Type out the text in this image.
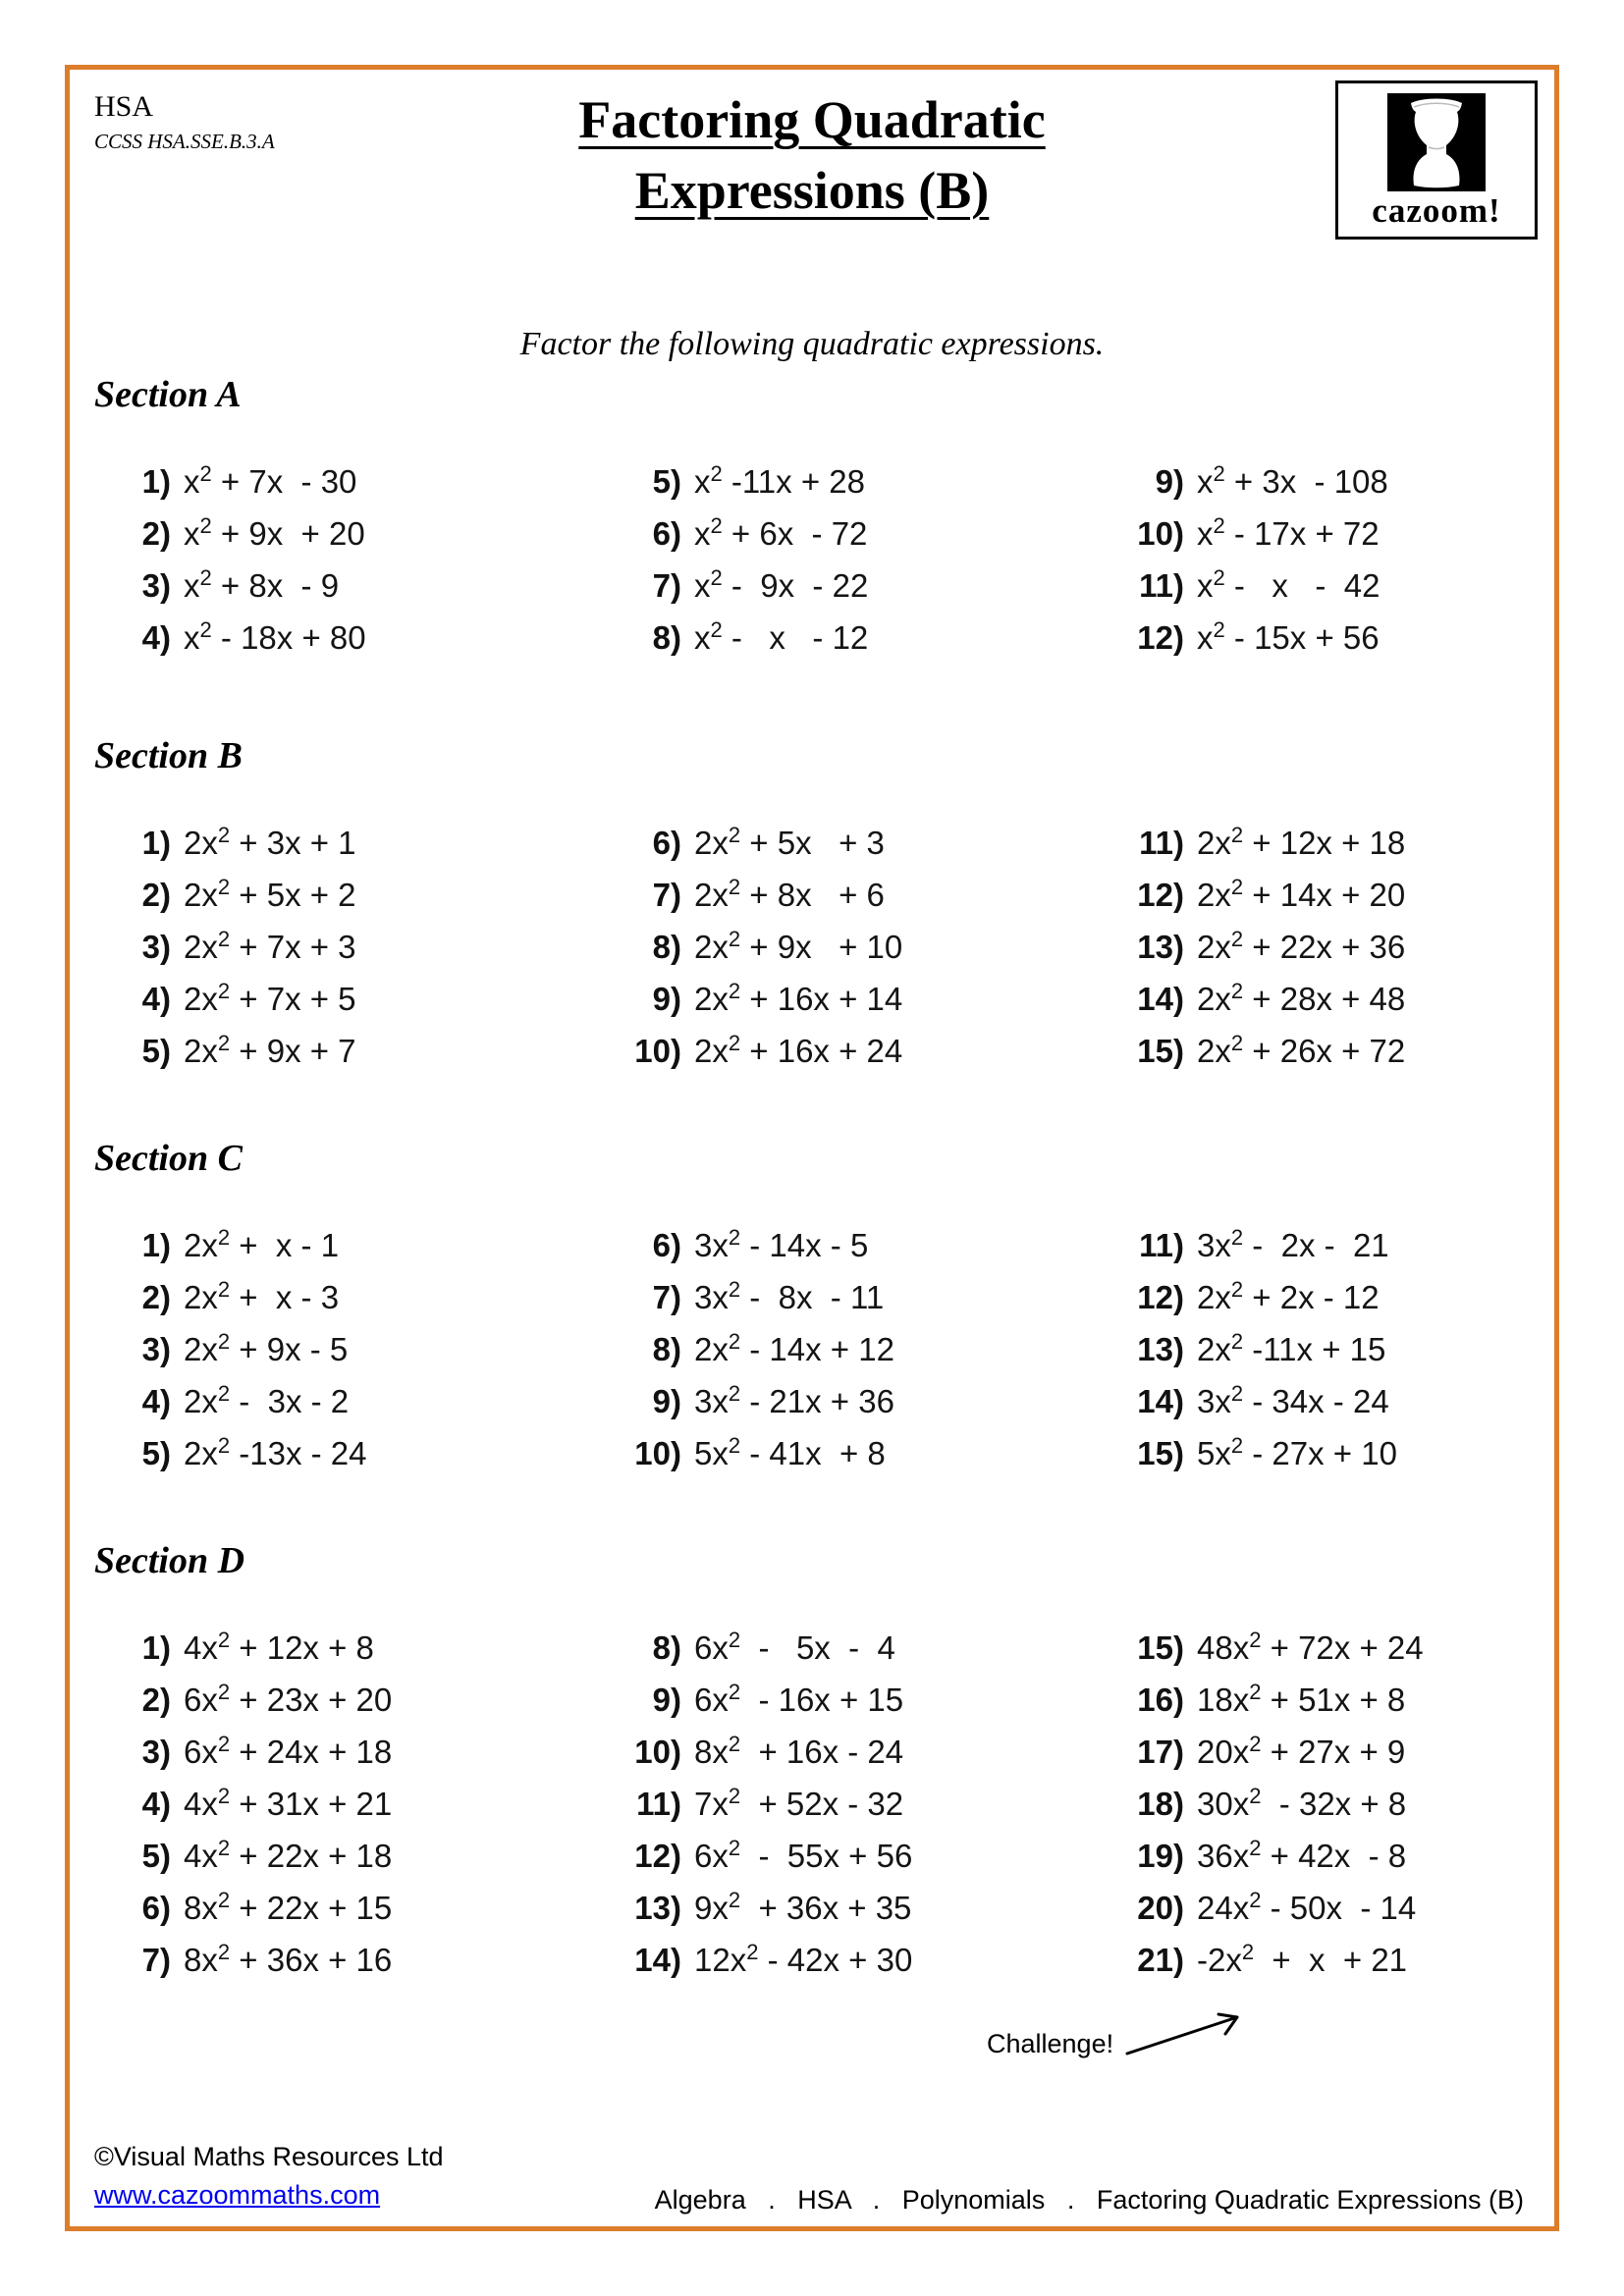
HSA
CCSS HSA.SSE.B.3.A	Factoring Quadratic
Expressions (B)	cazoom!
Factor the following quadratic expressions.
Section A
1) $x^2 + 7x - 30$
2) $x^2 + 9x + 20$
3) $x^2 + 8x - 9$
4) $x^2 - 18x + 80$
5) $x^2$ -11x + 28
6) $x^2 + 6x - 72$
7) $x^2 - 9x - 22$
8) $x^2$ -   x   - 12
9) $x^2 + 3x - 108$
10) $x^2 - 17x + 72$
11) $x^2$ -   x   -  42
12) $x^2 - 15x + 56$
Section B
1) $2x^2 + 3x + 1$
2) $2x^2 + 5x + 2$
3) $2x^2 + 7x + 3$
4) $2x^2 + 7x + 5$
5) $2x^2 + 9x + 7$
6) $2x^2 + 5x + 3$
7) $2x^2 + 8x + 6$
8) $2x^2 + 9x + 10$
9) $2x^2 + 16x + 14$
10) $2x^2 + 16x + 24$
11) $2x^2 + 12x + 18$
12) $2x^2 + 14x + 20$
13) $2x^2 + 22x + 36$
14) $2x^2 + 28x + 48$
15) $2x^2 + 26x + 72$
Section C
1) $2x^2 + x - 1$
2) $2x^2 + x - 3$
3) $2x^2 + 9x - 5$
4) $2x^2 - 3x - 2$
5) $2x^2$ -13x - 24
6) $3x^2 - 14x - 5$
7) $3x^2 - 8x - 11$
8) $2x^2 - 14x + 12$
9) $3x^2 - 21x + 36$
10) $5x^2 - 41x + 8$
11) $3x^2 - 2x - 21$
12) $2x^2 + 2x - 12$
13) $2x^2$ -11x + 15
14) $3x^2 - 34x - 24$
15) $5x^2 - 27x + 10$
Section D
1) $4x^2 + 12x + 8$
2) $6x^2 + 23x + 20$
3) $6x^2 + 24x + 18$
4) $4x^2 + 31x + 21$
5) $4x^2 + 22x + 18$
6) $8x^2 + 22x + 15$
7) $8x^2 + 36x + 16$
8) $6x^2 - 5x - 4$
9) $6x^2 - 16x + 15$
10) $8x^2 + 16x - 24$
11) $7x^2 + 52x - 32$
12) $6x^2 - 55x + 56$
13) $9x^2 + 36x + 35$
14) $12x^2 - 42x + 30$
15) $48x^2 + 72x + 24$
16) $18x^2 + 51x + 8$
17) $20x^2 + 27x + 9$
18) $30x^2 - 32x + 8$
19) $36x^2 + 42x - 8$
20) $24x^2 - 50x - 14$
21) $-2x^2 + x + 21$
Challenge!
©Visual Maths Resources Ltd
www.cazoommaths.com	Algebra   .   HSA   .   Polynomials   .   Factoring Quadratic Expressions (B)
